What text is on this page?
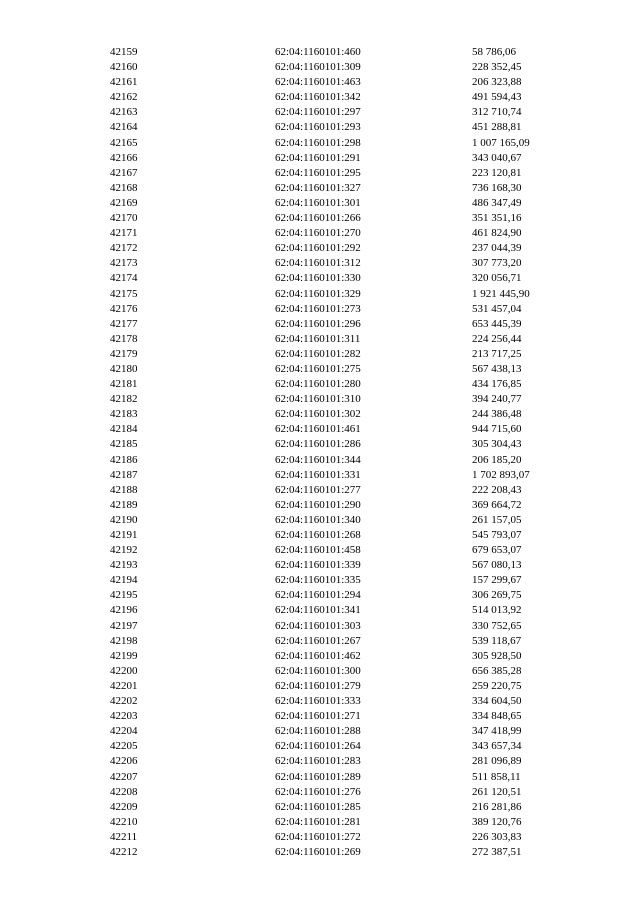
42159	62:04:1160101:460	58 786,06
42160	62:04:1160101:309	228 352,45
42161	62:04:1160101:463	206 323,88
42162	62:04:1160101:342	491 594,43
42163	62:04:1160101:297	312 710,74
42164	62:04:1160101:293	451 288,81
42165	62:04:1160101:298	1 007 165,09
42166	62:04:1160101:291	343 040,67
42167	62:04:1160101:295	223 120,81
42168	62:04:1160101:327	736 168,30
42169	62:04:1160101:301	486 347,49
42170	62:04:1160101:266	351 351,16
42171	62:04:1160101:270	461 824,90
42172	62:04:1160101:292	237 044,39
42173	62:04:1160101:312	307 773,20
42174	62:04:1160101:330	320 056,71
42175	62:04:1160101:329	1 921 445,90
42176	62:04:1160101:273	531 457,04
42177	62:04:1160101:296	653 445,39
42178	62:04:1160101:311	224 256,44
42179	62:04:1160101:282	213 717,25
42180	62:04:1160101:275	567 438,13
42181	62:04:1160101:280	434 176,85
42182	62:04:1160101:310	394 240,77
42183	62:04:1160101:302	244 386,48
42184	62:04:1160101:461	944 715,60
42185	62:04:1160101:286	305 304,43
42186	62:04:1160101:344	206 185,20
42187	62:04:1160101:331	1 702 893,07
42188	62:04:1160101:277	222 208,43
42189	62:04:1160101:290	369 664,72
42190	62:04:1160101:340	261 157,05
42191	62:04:1160101:268	545 793,07
42192	62:04:1160101:458	679 653,07
42193	62:04:1160101:339	567 080,13
42194	62:04:1160101:335	157 299,67
42195	62:04:1160101:294	306 269,75
42196	62:04:1160101:341	514 013,92
42197	62:04:1160101:303	330 752,65
42198	62:04:1160101:267	539 118,67
42199	62:04:1160101:462	305 928,50
42200	62:04:1160101:300	656 385,28
42201	62:04:1160101:279	259 220,75
42202	62:04:1160101:333	334 604,50
42203	62:04:1160101:271	334 848,65
42204	62:04:1160101:288	347 418,99
42205	62:04:1160101:264	343 657,34
42206	62:04:1160101:283	281 096,89
42207	62:04:1160101:289	511 858,11
42208	62:04:1160101:276	261 120,51
42209	62:04:1160101:285	216 281,86
42210	62:04:1160101:281	389 120,76
42211	62:04:1160101:272	226 303,83
42212	62:04:1160101:269	272 387,51
